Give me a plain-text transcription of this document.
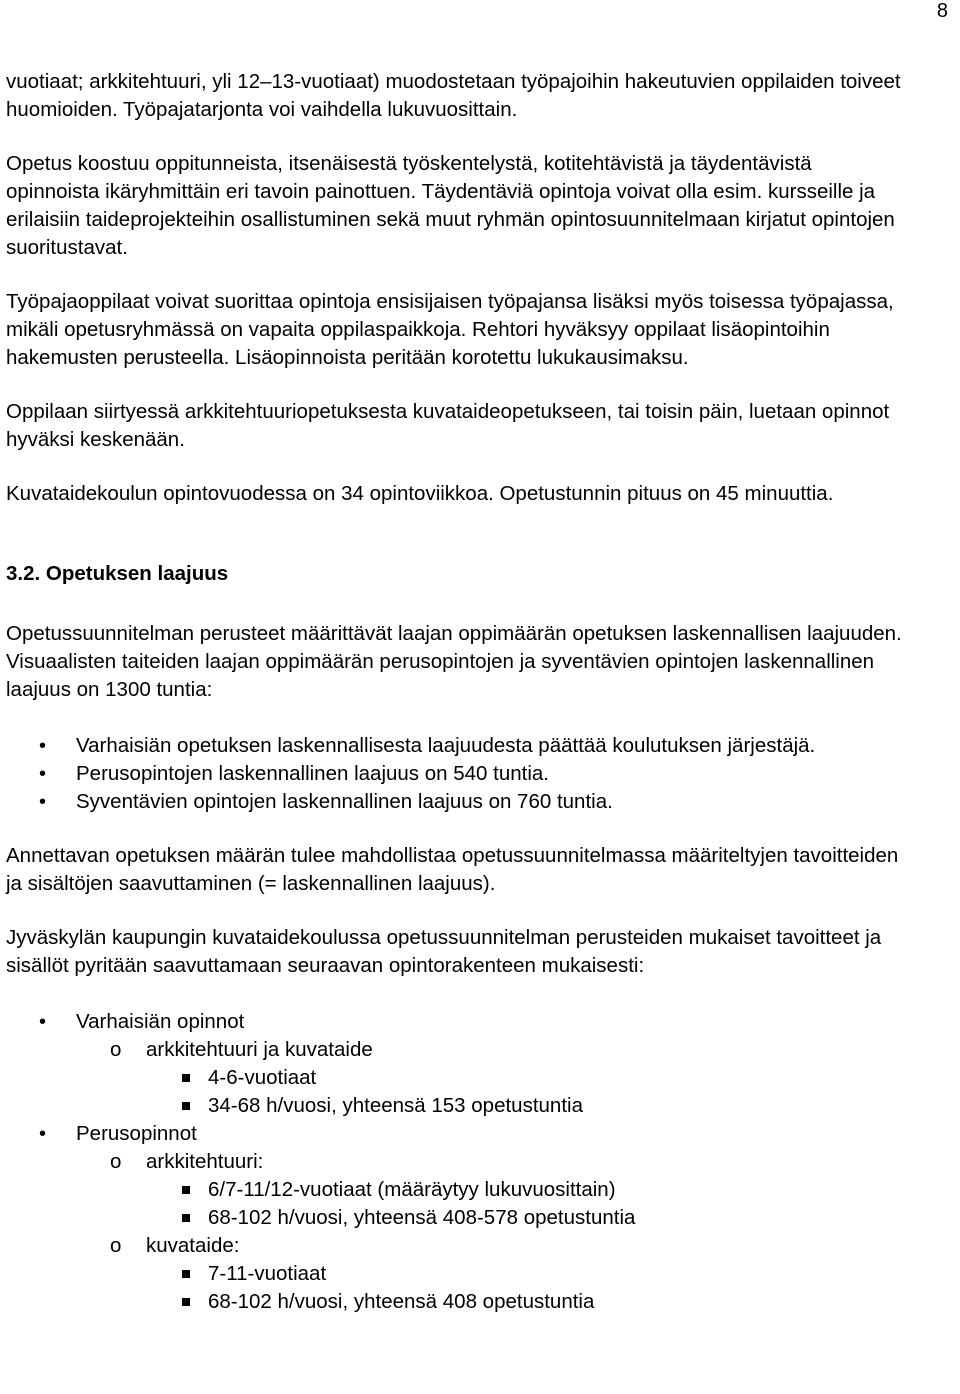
8

vuotiaat; arkkitehtuuri, yli 12–13-vuotiaat) muodostetaan työpajoihin hakeutuvien oppilaiden toiveet huomioiden. Työpajatarjonta voi vaihdella lukuvuosittain.

Opetus koostuu oppitunneista, itsenäisestä työskentelystä, kotitehtävistä ja täydentävistä opinnoista ikäryhmittäin eri tavoin painottuen. Täydentäviä opintoja voivat olla esim. kursseille ja erilaisiin taideprojekteihin osallistuminen sekä muut ryhmän opintosuunnitelmaan kirjatut opintojen suoritustavat.

Työpajaoppilaat voivat suorittaa opintoja ensisijaisen työpajansa lisäksi myös toisessa työpajassa, mikäli opetusryhmässä on vapaita oppilaspaikkoja. Rehtori hyväksyy oppilaat lisäopintoihin hakemusten perusteella. Lisäopinnoista peritään korotettu lukukausimaksu.

Oppilaan siirtyessä arkkitehtuuriopetuksesta kuvataideopetukseen, tai toisin päin, luetaan opinnot hyväksi keskenään.

Kuvataidekoulun opintovuodessa on 34 opintoviikkoa. Opetustunnin pituus on 45 minuuttia.

3.2. Opetuksen laajuus

Opetussuunnitelman perusteet määrittävät laajan oppimäärän opetuksen laskennallisen laajuuden. Visuaalisten taiteiden laajan oppimäärän perusopintojen ja syventävien opintojen laskennallinen laajuus on 1300 tuntia:

• Varhaisiän opetuksen laskennallisesta laajuudesta päättää koulutuksen järjestäjä.
• Perusopintojen laskennallinen laajuus on 540 tuntia.
• Syventävien opintojen laskennallinen laajuus on 760 tuntia.

Annettavan opetuksen määrän tulee mahdollistaa opetussuunnitelmassa määriteltyjen tavoitteiden ja sisältöjen saavuttaminen (= laskennallinen laajuus).

Jyväskylän kaupungin kuvataidekoulussa opetussuunnitelman perusteiden mukaiset tavoitteet ja sisällöt pyritään saavuttamaan seuraavan opintorakenteen mukaisesti:

• Varhaisiän opinnot
o arkkitehtuuri ja kuvataide
4-6-vuotiaat
34-68 h/vuosi, yhteensä 153 opetustuntia
• Perusopinnot
o arkkitehtuuri:
6/7-11/12-vuotiaat (määräytyy lukuvuosittain)
68-102 h/vuosi, yhteensä 408-578 opetustuntia
o kuvataide:
7-11-vuotiaat
68-102 h/vuosi, yhteensä 408 opetustuntia
